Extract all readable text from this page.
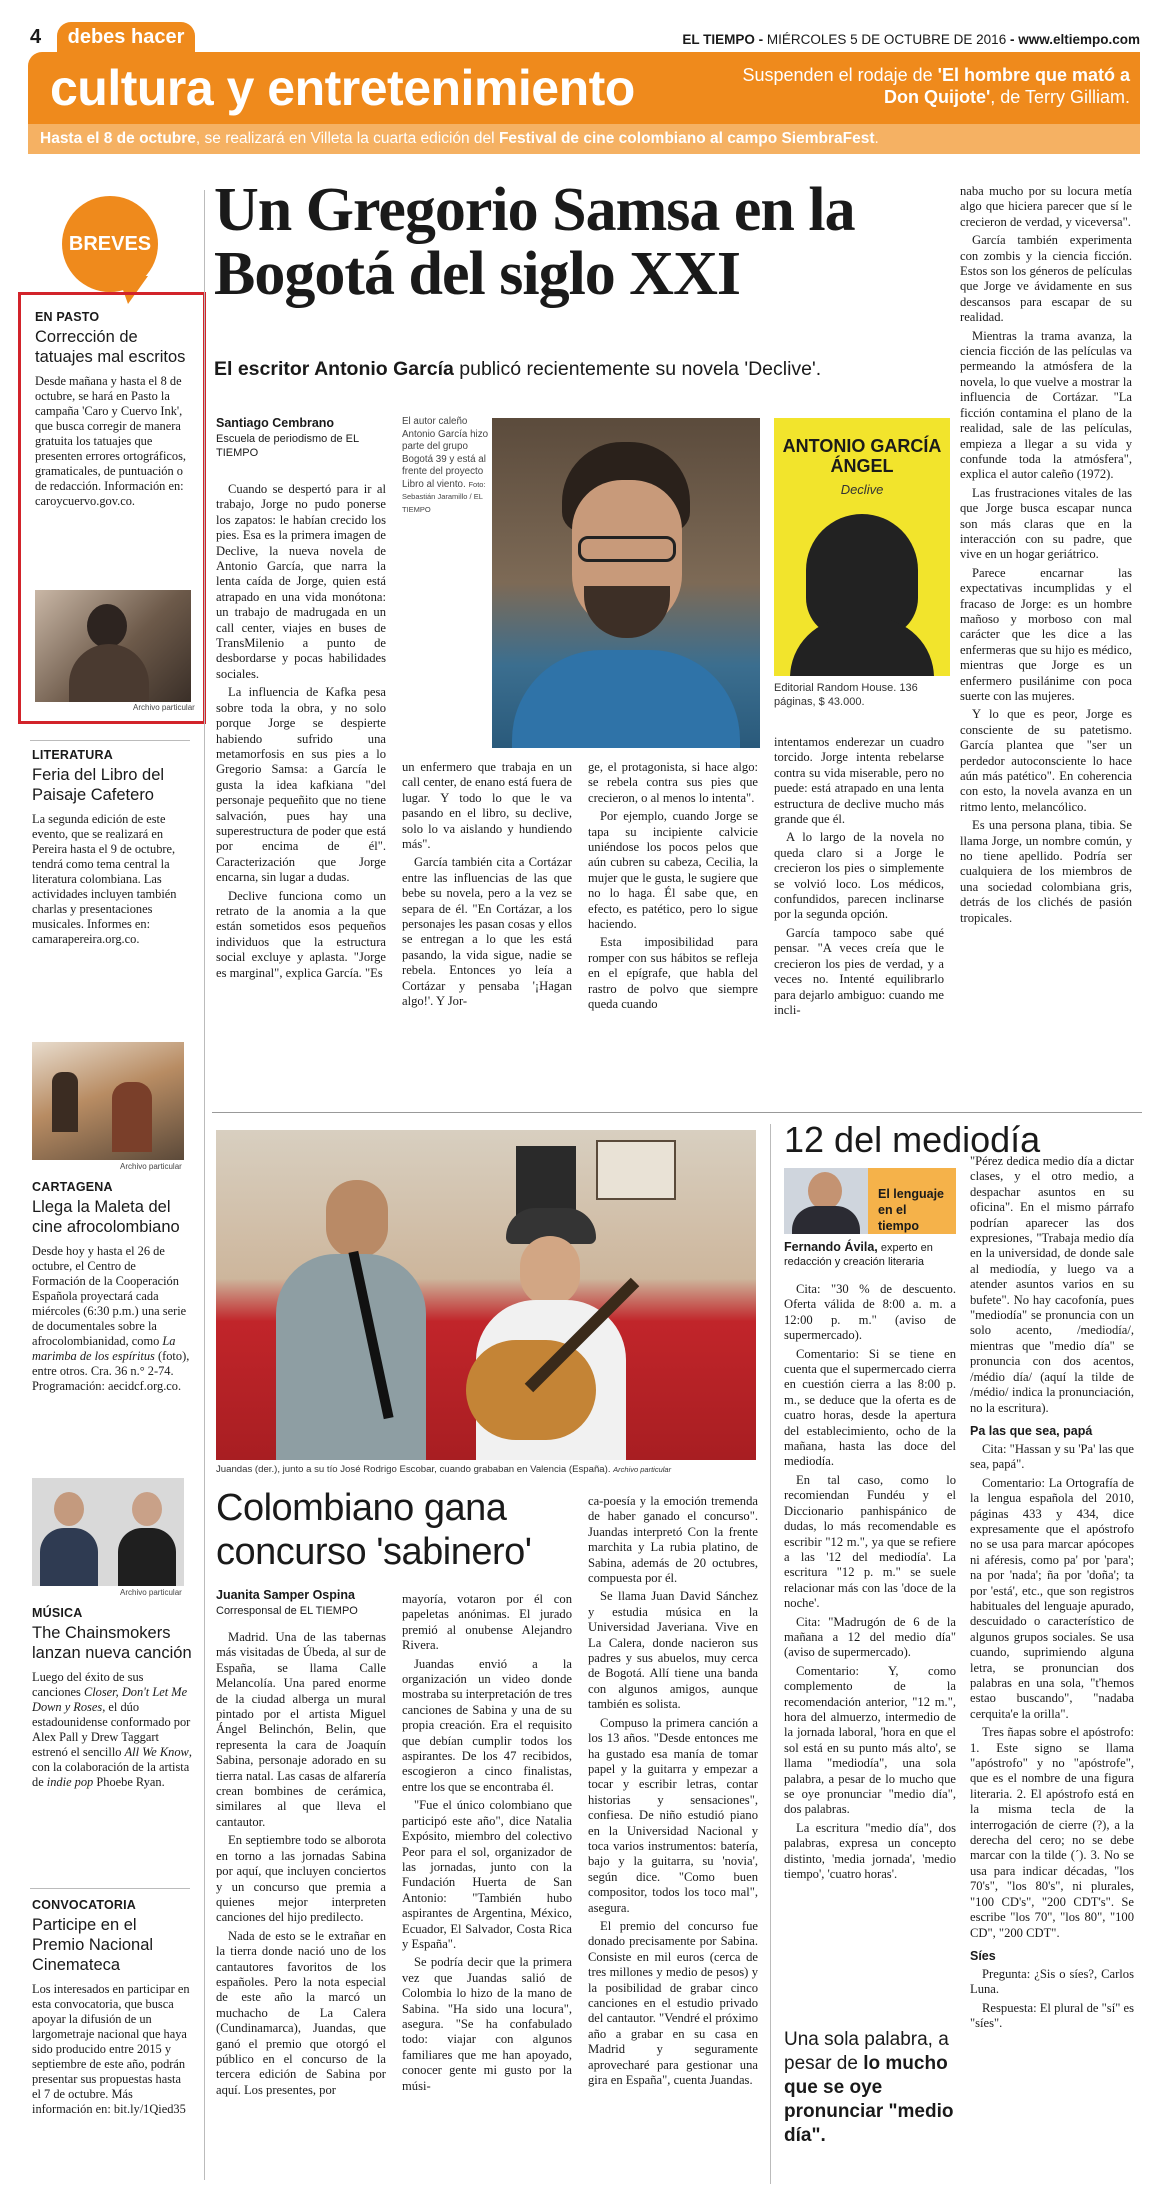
4	debes hacer	EL TIEMPO - MIÉRCOLES 5 DE OCTUBRE DE 2016 - www.eltiempo.com
cultura y entretenimiento	Suspenden el rodaje de 'El hombre que mató a Don Quijote', de Terry Gilliam.
Hasta el 8 de octubre, se realizará en Villeta la cuarta edición del Festival de cine colombiano al campo SiembraFest.
BREVES
EN PASTO
Corrección de tatuajes mal escritos

Desde mañana y hasta el 8 de octubre, se hará en Pasto la campaña 'Caro y Cuervo Ink', que busca corregir de manera gratuita los tatuajes que presenten errores ortográficos, gramaticales, de puntuación o de redacción. Información en: caroycuervo.gov.co.

Archivo particular
LITERATURA
Feria del Libro del Paisaje Cafetero

La segunda edición de este evento, que se realizará en Pereira hasta el 9 de octubre, tendrá como tema central la literatura colombiana. Las actividades incluyen también charlas y presentaciones musicales. Informes en: camarapereira.org.co.

Archivo particular
CARTAGENA
Llega la Maleta del cine afrocolombiano

Desde hoy y hasta el 26 de octubre, el Centro de Formación de la Cooperación Española proyectará cada miércoles (6:30 p.m.) una serie de documentales sobre la afrocolombianidad, como La marimba de los espíritus (foto), entre otros. Cra. 36 n.° 2-74. Programación: aecidcf.org.co.

Archivo particular
MÚSICA
The Chainsmokers lanzan nueva canción

Luego del éxito de sus canciones Closer, Don't Let Me Down y Roses, el dúo estadounidense conformado por Alex Pall y Drew Taggart estrenó el sencillo All We Know, con la colaboración de la artista de indie pop Phoebe Ryan.

CONVOCATORIA
Participe en el Premio Nacional Cinemateca

Los interesados en participar en esta convocatoria, que busca apoyar la difusión de un largometraje nacional que haya sido producido entre 2015 y septiembre de este año, podrán presentar sus propuestas hasta el 7 de octubre. Más información en: bit.ly/1Qied35

Un Gregorio Samsa en la Bogotá del siglo XXI
El escritor Antonio García publicó recientemente su novela 'Declive'.
Santiago Cembrano
Escuela de periodismo de EL TIEMPO
El autor caleño Antonio García hizo parte del grupo Bogotá 39 y está al frente del proyecto Libro al viento. Foto: Sebastián Jaramillo / EL TIEMPO
ANTONIO GARCÍA ÁNGEL
Declive
Editorial Random House. 136 páginas, $ 43.000.

Cuando se despertó para ir al trabajo, Jorge no pudo ponerse los zapatos: le habían crecido los pies. Esa es la primera imagen de Declive, la nueva novela de Antonio García, que narra la lenta caída de Jorge, quien está atrapado en una vida monótona: un trabajo de madrugada en un call center, viajes en buses de TransMilenio a punto de desbordarse y pocas habilidades sociales.

La influencia de Kafka pesa sobre toda la obra, y no solo porque Jorge se despierte habiendo sufrido una metamorfosis en sus pies a lo Gregorio Samsa: a García le gusta la idea kafkiana "del personaje pequeñito que no tiene salvación, pues hay una superestructura de poder que está por encima de él". Caracterización que Jorge encarna, sin lugar a dudas.

Declive funciona como un retrato de la anomia a la que están sometidos esos pequeños individuos que la estructura social excluye y aplasta. "Jorge es marginal", explica García. "Es

un enfermero que trabaja en un call center, de enano está fuera de lugar. Y todo lo que le va pasando en el libro, su declive, solo lo va aislando y hundiendo más".

García también cita a Cortázar entre las influencias de las que bebe su novela, pero a la vez se separa de él. "En Cortázar, a los personajes les pasan cosas y ellos se entregan a lo que les está pasando, la vida sigue, nadie se rebela. Entonces yo leía a Cortázar y pensaba '¡Hagan algo!'. Y Jor-

ge, el protagonista, si hace algo: se rebela contra sus pies que crecieron, o al menos lo intenta".

Por ejemplo, cuando Jorge se tapa su incipiente calvicie uniéndose los pocos pelos que aún cubren su cabeza, Cecilia, la mujer que le gusta, le sugiere que no lo haga. Él sabe que, en efecto, es patético, pero lo sigue haciendo.

Esta imposibilidad para romper con sus hábitos se refleja en el epígrafe, que habla del rastro de polvo que siempre queda cuando

intentamos enderezar un cuadro torcido. Jorge intenta rebelarse contra su vida miserable, pero no puede: está atrapado en una lenta estructura de declive mucho más grande que él.

A lo largo de la novela no queda claro si a Jorge le crecieron los pies o simplemente se volvió loco. Los médicos, confundidos, parecen inclinarse por la segunda opción.

García tampoco sabe qué pensar. "A veces creía que le crecieron los pies de verdad, y a veces no. Intenté equilibrarlo para dejarlo ambiguo: cuando me incli-

naba mucho por su locura metía algo que hiciera parecer que sí le crecieron de verdad, y viceversa".

García también experimenta con zombis y la ciencia ficción. Estos son los géneros de películas que Jorge ve ávidamente en sus descansos para escapar de su realidad.

Mientras la trama avanza, la ciencia ficción de las películas va permeando la atmósfera de la novela, lo que vuelve a mostrar la influencia de Cortázar. "La ficción contamina el plano de la realidad, sale de las películas, empieza a llegar a su vida y confunde toda la atmósfera", explica el autor caleño (1972).

Las frustraciones vitales de las que Jorge busca escapar nunca son más claras que en la interacción con su padre, que vive en un hogar geriátrico.

Parece encarnar las expectativas incumplidas y el fracaso de Jorge: es un hombre mañoso y morboso con mal carácter que les dice a las enfermeras que su hijo es médico, mientras que Jorge es un enfermero pusilánime con poca suerte con las mujeres.

Y lo que es peor, Jorge es consciente de su patetismo. García plantea que "ser un perdedor autoconsciente lo hace aún más patético". En coherencia con esto, la novela avanza en un ritmo lento, melancólico.

Es una persona plana, tibia. Se llama Jorge, un nombre común, y no tiene apellido. Podría ser cualquiera de los miembros de una sociedad colombiana gris, detrás de los clichés de pasión tropicales.

Juandas (der.), junto a su tío José Rodrigo Escobar, cuando grababan en Valencia (España). Archivo particular
Colombiano gana concurso 'sabinero'
Juanita Samper Ospina
Corresponsal de EL TIEMPO

Madrid. Una de las tabernas más visitadas de Úbeda, al sur de España, se llama Calle Melancolía. Una pared enorme de la ciudad alberga un mural pintado por el artista Miguel Ángel Belinchón, Belin, que representa la cara de Joaquín Sabina, personaje adorado en su tierra natal. Las casas de alfarería crean bombines de cerámica, similares al que lleva el cantautor.

En septiembre todo se alborota en torno a las jornadas Sabina por aquí, que incluyen conciertos y un concurso que premia a quienes mejor interpreten canciones del hijo predilecto.

Nada de esto se le extrañar en la tierra donde nació uno de los cantautores favoritos de los españoles. Pero la nota especial de este año la marcó un muchacho de La Calera (Cundinamarca), Juandas, que ganó el premio que otorgó el público en el concurso de la tercera edición de Sabina por aquí. Los presentes, por

mayoría, votaron por él con papeletas anónimas. El jurado premió al onubense Alejandro Rivera.

Juandas envió a la organización un video donde mostraba su interpretación de tres canciones de Sabina y una de su propia creación. Era el requisito que debían cumplir todos los aspirantes. De los 47 recibidos, escogieron a cinco finalistas, entre los que se encontraba él.

"Fue el único colombiano que participó este año", dice Natalia Expósito, miembro del colectivo Peor para el sol, organizador de las jornadas, junto con la Fundación Huerta de San Antonio: "También hubo aspirantes de Argentina, México, Ecuador, El Salvador, Costa Rica y España".

Se podría decir que la primera vez que Juandas salió de Colombia lo hizo de la mano de Sabina. "Ha sido una locura", asegura. "Se ha confabulado todo: viajar con algunos familiares que me han apoyado, conocer gente mi gusto por la músi-

ca-poesía y la emoción tremenda de haber ganado el concurso". Juandas interpretó Con la frente marchita y La rubia platino, de Sabina, además de 20 octubres, compuesta por él.

Se llama Juan David Sánchez y estudia música en la Universidad Javeriana. Vive en La Calera, donde nacieron sus padres y sus abuelos, muy cerca de Bogotá. Allí tiene una banda con algunos amigos, aunque también es solista.

Compuso la primera canción a los 13 años. "Desde entonces me ha gustado esa manía de tomar papel y la guitarra y empezar a tocar y escribir letras, contar historias y sensaciones", confiesa. De niño estudió piano en la Universidad Nacional y toca varios instrumentos: batería, bajo y la guitarra, su 'novia', según dice. "Como buen compositor, todos los toco mal", asegura.

El premio del concurso fue donado precisamente por Sabina. Consiste en mil euros (cerca de tres millones y medio de pesos) y la posibilidad de grabar cinco canciones en el estudio privado del cantautor. "Vendré el próximo año a grabar en su casa en Madrid y seguramente aprovecharé para gestionar una gira en España", cuenta Juandas.

12 del mediodía
El lenguaje en el tiempo
Fernando Ávila, experto en redacción y creación literaria

Cita: "30 % de descuento. Oferta válida de 8:00 a. m. a 12:00 p. m." (aviso de supermercado).

Comentario: Si se tiene en cuenta que el supermercado cierra en cuestión cierra a las 8:00 p. m., se deduce que la oferta es de cuatro horas, desde la apertura del establecimiento, ocho de la mañana, hasta las doce del mediodía.

En tal caso, como lo recomiendan Fundéu y el Diccionario panhispánico de dudas, lo más recomendable es escribir "12 m.", ya que se refiere a las '12 del mediodía'. La escritura "12 p. m." se suele relacionar más con las 'doce de la noche'.

Cita: "Madrugón de 6 de la mañana a 12 del medio día" (aviso de supermercado).

Comentario: Y, como complemento de la recomendación anterior, "12 m.", hora del almuerzo, intermedio de la jornada laboral, 'hora en que el sol está en su punto más alto', se llama "mediodía", una sola palabra, a pesar de lo mucho que se oye pronunciar "medio día", dos palabras.

La escritura "medio día", dos palabras, expresa un concepto distinto, 'media jornada', 'medio tiempo', 'cuatro horas'.

Una sola palabra, a pesar de lo mucho que se oye pronunciar "medio día".

"Pérez dedica medio día a dictar clases, y el otro medio, a despachar asuntos en su oficina". En el mismo párrafo podrían aparecer las dos expresiones, "Trabaja medio día en la universidad, de donde sale al mediodía, y luego va a atender asuntos varios en su bufete". No hay cacofonía, pues "mediodía" se pronuncia con un solo acento, /mediodía/, mientras que "medio día" se pronuncia con dos acentos, /médio día/ (aquí la tilde de /médio/ indica la pronunciación, no la escritura).

Pa las que sea, papá

Cita: "Hassan y su 'Pa' las que sea, papá".

Comentario: La Ortografía de la lengua española del 2010, páginas 433 y 434, dice expresamente que el apóstrofo no se usa para marcar apócopes ni aféresis, como pa' por 'para'; na por 'nada'; ña por 'doña'; ta por 'está', etc., que son registros habituales del lenguaje apurado, descuidado o característico de algunos grupos sociales. Se usa cuando, suprimiendo alguna letra, se pronuncian dos palabras en una sola, "t'hemos estao buscando", "nadaba cerquita'e la orilla".

Tres ñapas sobre el apóstrofo: 1. Este signo se llama "apóstrofo" y no "apóstrofe", que es el nombre de una figura literaria. 2. El apóstrofo está en la misma tecla de la interrogación de cierre (?), a la derecha del cero; no se debe marcar con la tilde (´). 3. No se usa para indicar décadas, "los 70's", "los 80's", ni plurales, "100 CD's", "200 CDT's". Se escribe "los 70", "los 80", "100 CD", "200 CDT".

Síes

Pregunta: ¿Sis o síes?, Carlos Luna.

Respuesta: El plural de "sí" es "síes".
